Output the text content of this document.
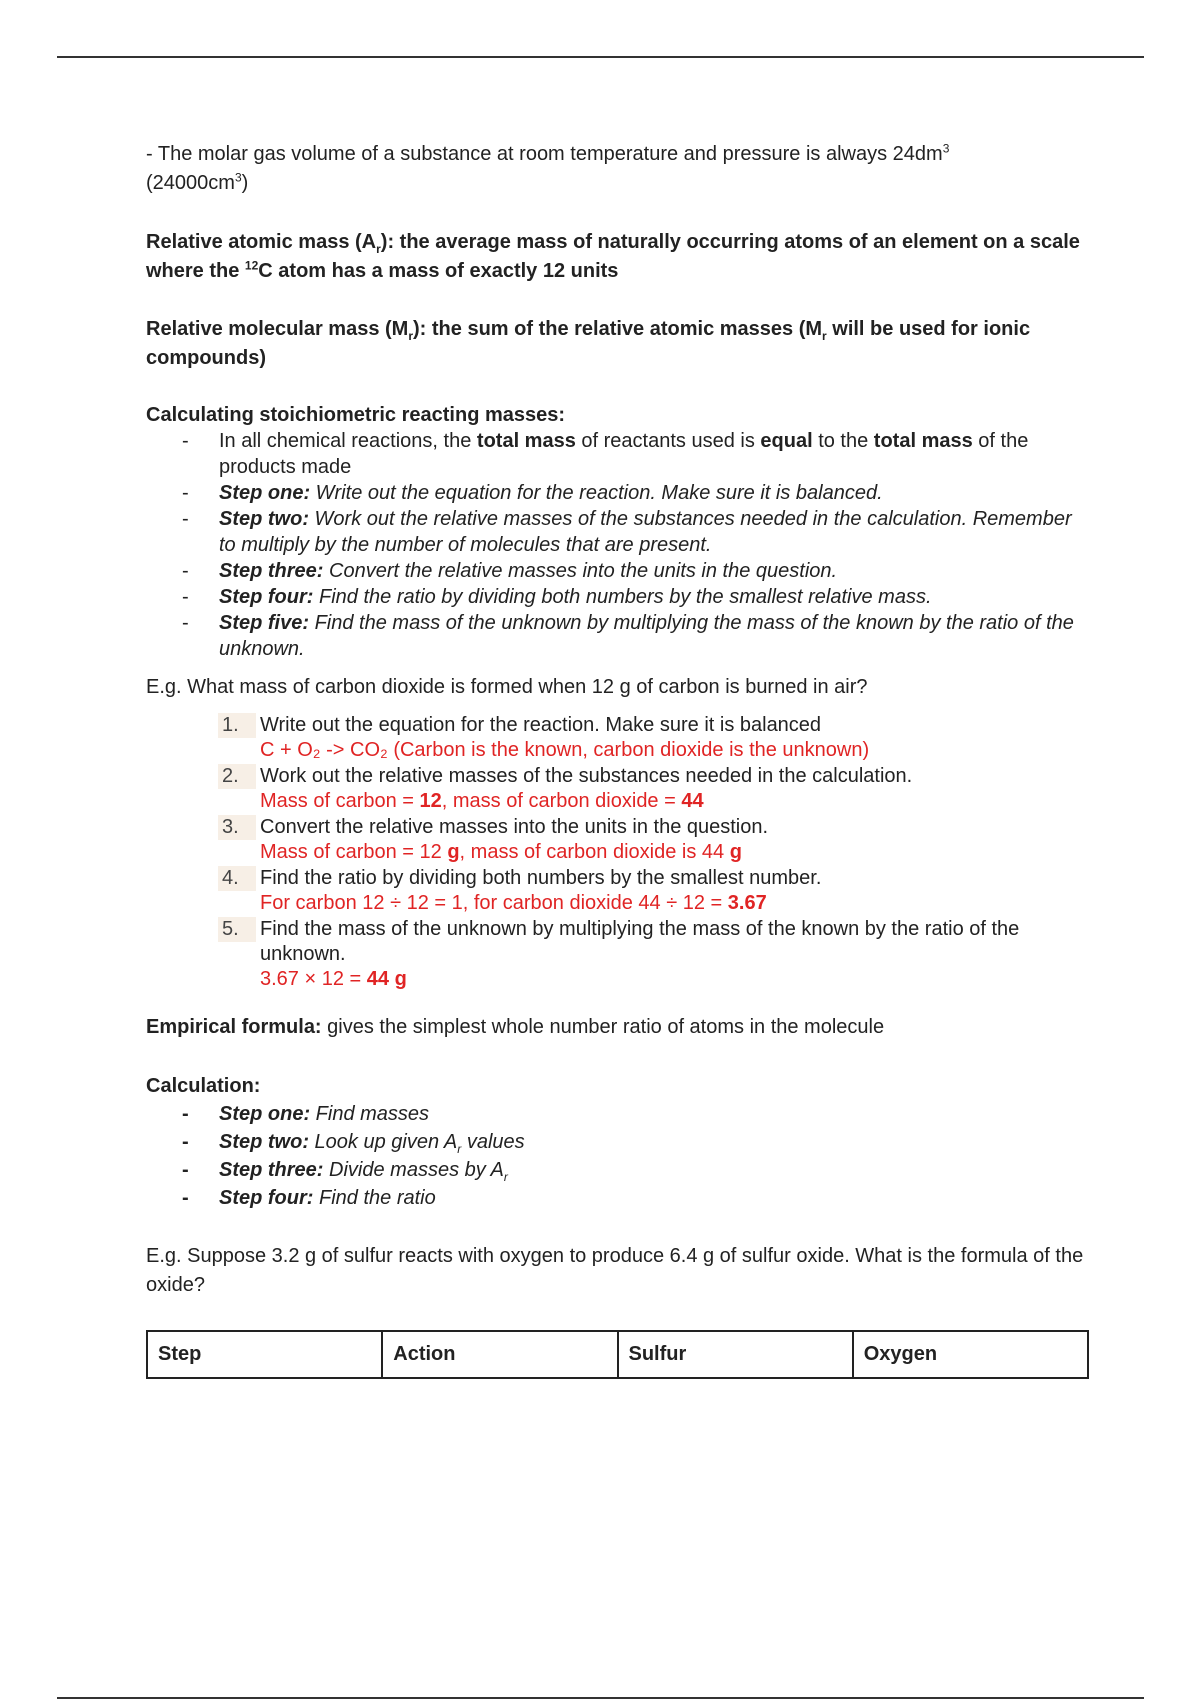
- The molar gas volume of a substance at room temperature and pressure is always $24dm^3$
$(24000cm^3)$

Relative atomic mass $(A_r)$: the average mass of naturally occurring atoms of an element on a scale where the $^{12}$C atom has a mass of exactly 12 units

Relative molecular mass $(M_r)$: the sum of the relative atomic masses ($M_r$ will be used for ionic compounds)

Calculating stoichiometric reacting masses:

- In all chemical reactions, the total mass of reactants used is equal to the total mass of the products made
- Step one: Write out the equation for the reaction. Make sure it is balanced.
- Step two: Work out the relative masses of the substances needed in the calculation. Remember to multiply by the number of molecules that are present.
- Step three: Convert the relative masses into the units in the question.
- Step four: Find the ratio by dividing both numbers by the smallest relative mass.
- Step five: Find the mass of the unknown by multiplying the mass of the known by the ratio of the unknown.

E.g. What mass of carbon dioxide is formed when 12 g of carbon is burned in air?

1.	Write out the equation for the reaction. Make sure it is balanced
C + O₂ -> CO₂ (Carbon is the known, carbon dioxide is the unknown)
2.	Work out the relative masses of the substances needed in the calculation.
Mass of carbon = 12, mass of carbon dioxide = 44
3.	Convert the relative masses into the units in the question.
Mass of carbon = 12 g, mass of carbon dioxide is 44 g
4.	Find the ratio by dividing both numbers by the smallest number.
For carbon 12 ÷ 12 = 1, for carbon dioxide 44 ÷ 12 = 3.67
5.	Find the mass of the unknown by multiplying the mass of the known by the ratio of the unknown.
3.67 × 12 = 44 g

Empirical formula: gives the simplest whole number ratio of atoms in the molecule

Calculation:

- Step one: Find masses
- Step two: Look up given $A_r$ values
- Step three: Divide masses by $A_r$
- Step four: Find the ratio

E.g. Suppose 3.2 g of sulfur reacts with oxygen to produce 6.4 g of sulfur oxide. What is the formula of the oxide?

Step	Action	Sulfur	Oxygen
